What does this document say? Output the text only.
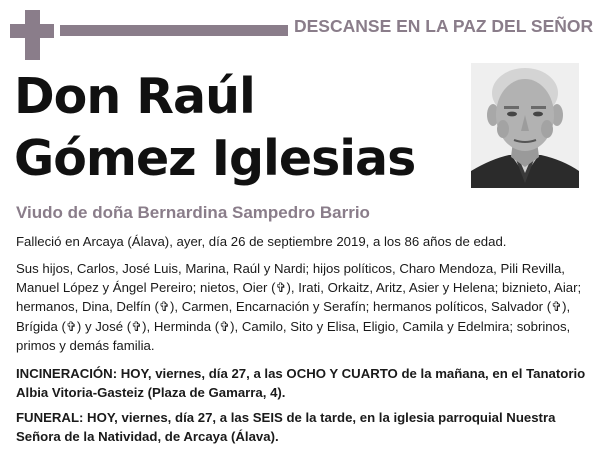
DESCANSE EN LA PAZ DEL SEÑOR
Don Raúl
Gómez Iglesias
Viudo de doña Bernardina Sampedro Barrio
Falleció en Arcaya (Álava), ayer, día 26 de septiembre 2019, a los 86 años de edad.
Sus hijos, Carlos, José Luis, Marina, Raúl y Nardi; hijos políticos, Charo Mendoza, Pili Revilla, Manuel López y Ángel Pereiro; nietos, Oier (✞), Irati, Orkaitz, Aritz, Asier y Helena; biznieto, Aiar; hermanos, Dina, Delfín (✞), Carmen, Encarnación y Serafín; hermanos políticos, Salvador (✞), Brígida (✞) y José (✞), Herminda (✞), Camilo, Sito y Elisa, Eligio, Camila y Edelmira; sobrinos, primos y demás familia.
INCINERACIÓN: HOY, viernes, día 27, a las OCHO Y CUARTO de la mañana, en el Tanatorio Albia Vitoria-Gasteiz (Plaza de Gamarra, 4).
FUNERAL: HOY, viernes, día 27, a las SEIS de la tarde, en la iglesia parroquial Nuestra Señora de la Natividad, de Arcaya (Álava).
